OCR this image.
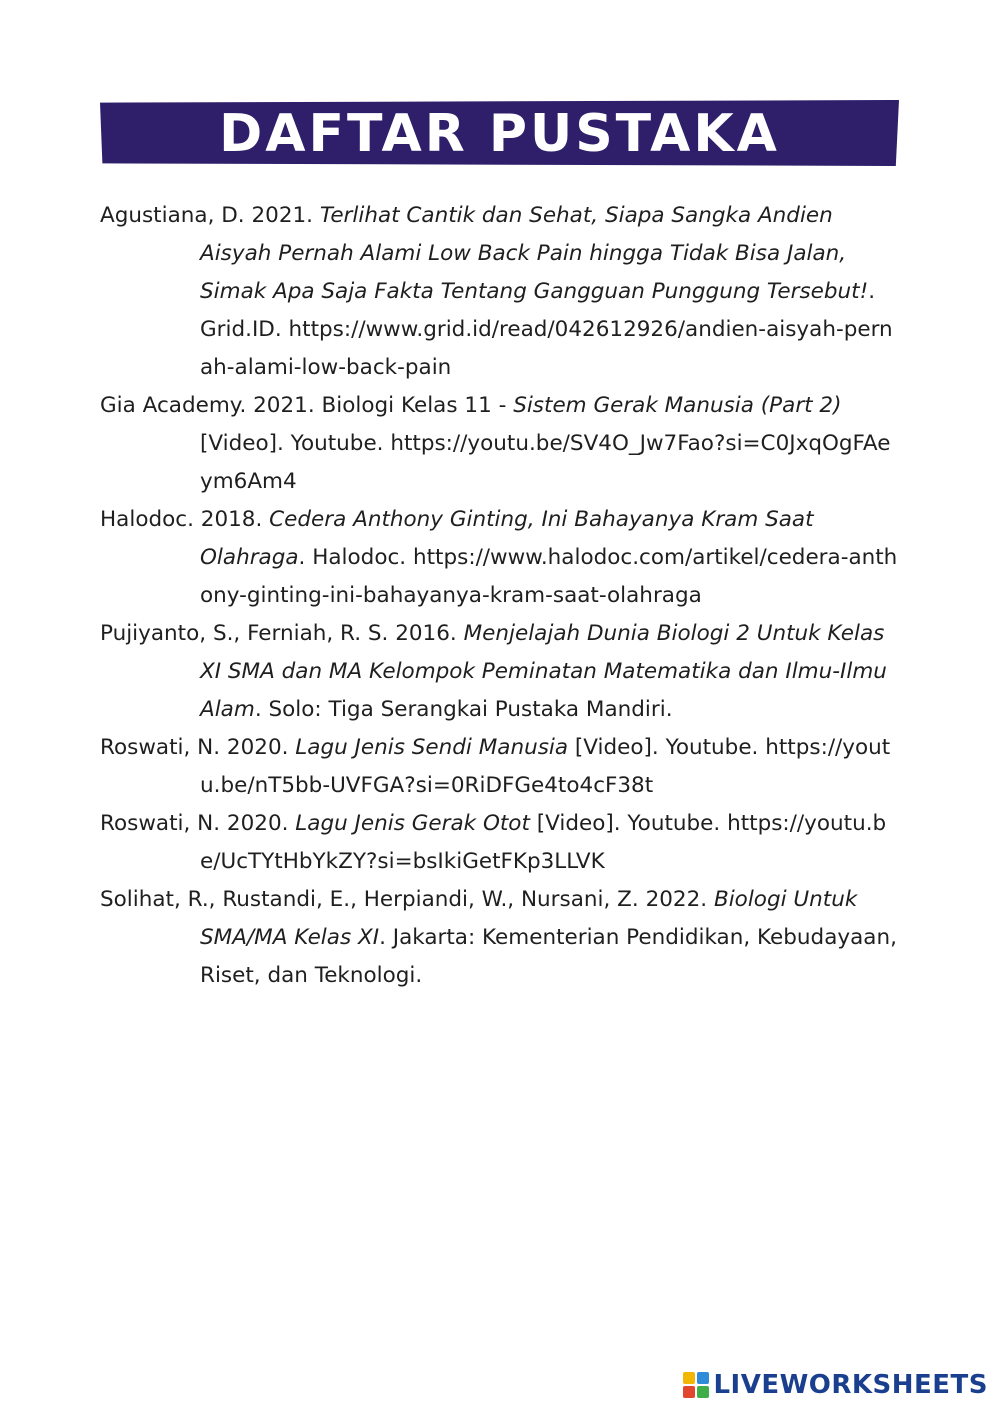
DAFTAR PUSTAKA

Agustiana, D. 2021. Terlihat Cantik dan Sehat, Siapa Sangka Andien Aisyah Pernah Alami Low Back Pain hingga Tidak Bisa Jalan, Simak Apa Saja Fakta Tentang Gangguan Punggung Tersebut!. Grid.ID. https://www.grid.id/read/042612926/andien-aisyah-pernah-alami-low-back-pain

Gia Academy. 2021. Biologi Kelas 11 - Sistem Gerak Manusia (Part 2) [Video]. Youtube. https://youtu.be/SV4O_Jw7Fao?si=C0JxqOgFAeym6Am4

Halodoc. 2018. Cedera Anthony Ginting, Ini Bahayanya Kram Saat Olahraga. Halodoc. https://www.halodoc.com/artikel/cedera-anthony-ginting-ini-bahayanya-kram-saat-olahraga

Pujiyanto, S., Ferniah, R. S. 2016. Menjelajah Dunia Biologi 2 Untuk Kelas XI SMA dan MA Kelompok Peminatan Matematika dan Ilmu-Ilmu Alam. Solo: Tiga Serangkai Pustaka Mandiri.

Roswati, N. 2020. Lagu Jenis Sendi Manusia [Video]. Youtube. https://youtu.be/nT5bb-UVFGA?si=0RiDFGe4to4cF38t

Roswati, N. 2020. Lagu Jenis Gerak Otot [Video]. Youtube. https://youtu.be/UcTYtHbYkZY?si=bsIkiGetFKp3LLVK

Solihat, R., Rustandi, E., Herpiandi, W., Nursani, Z. 2022. Biologi Untuk SMA/MA Kelas XI. Jakarta: Kementerian Pendidikan, Kebudayaan, Riset, dan Teknologi.

LIVEWORKSHEETS
